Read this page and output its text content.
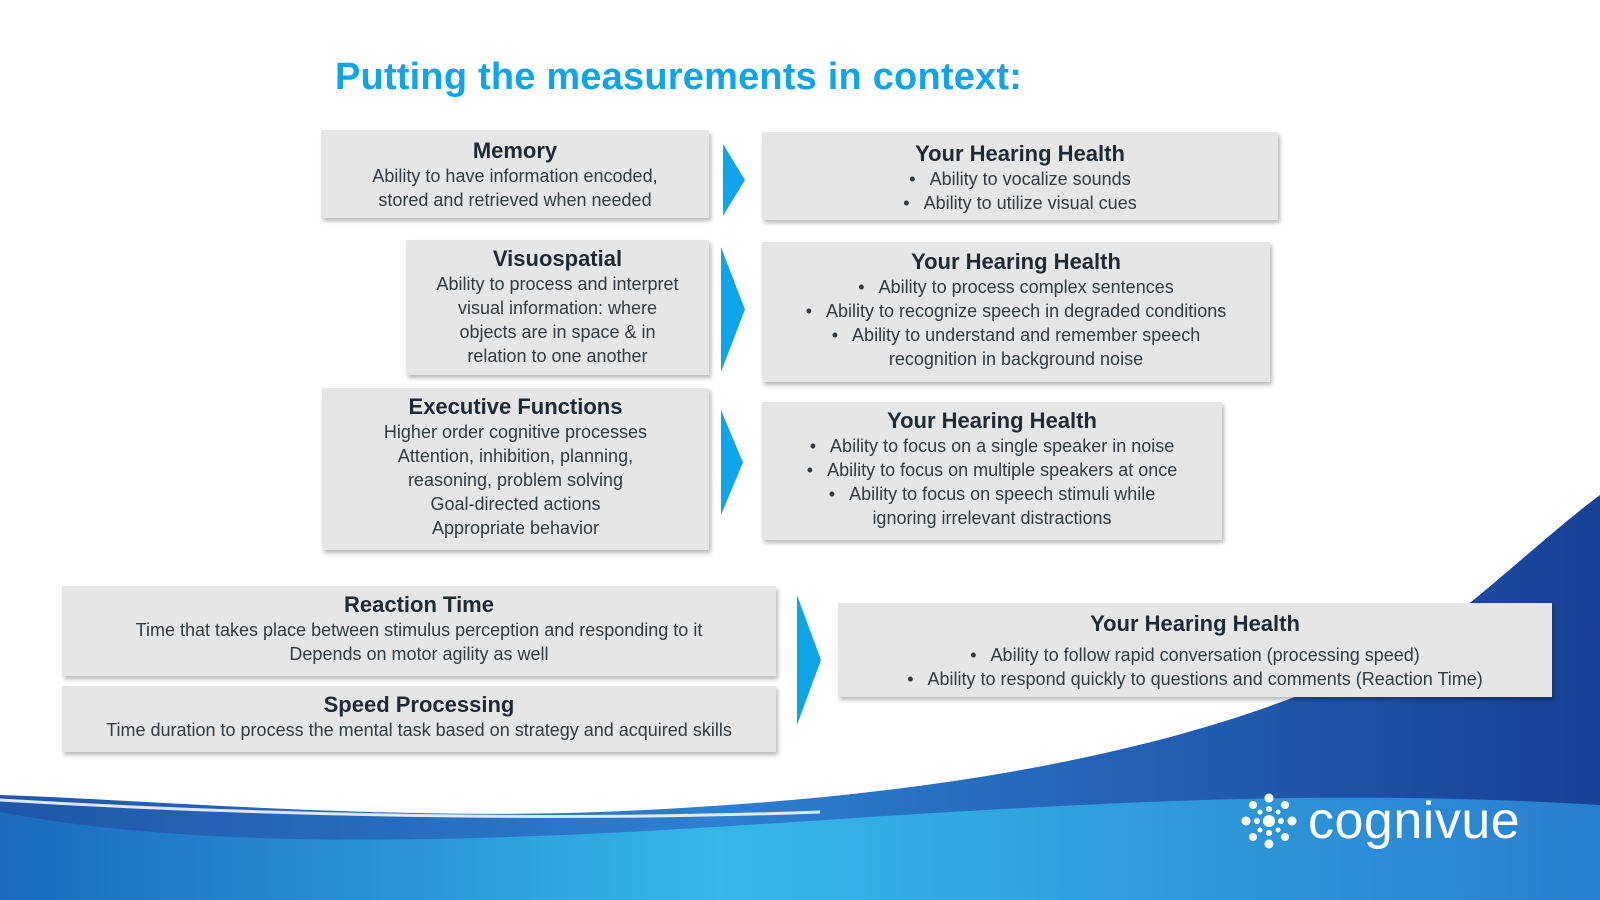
Putting the measurements in context:
Memory
Ability to have information encoded,
stored and retrieved when needed
Your Hearing Health
• Ability to vocalize sounds
• Ability to utilize visual cues
Visuospatial
Ability to process and interpret
visual information: where
objects are in space & in
relation to one another
Your Hearing Health
• Ability to process complex sentences
• Ability to recognize speech in degraded conditions
• Ability to understand and remember speech recognition in background noise
Executive Functions
Higher order cognitive processes
Attention, inhibition, planning,
reasoning, problem solving
Goal-directed actions
Appropriate behavior
Your Hearing Health
• Ability to focus on a single speaker in noise
• Ability to focus on multiple speakers at once
• Ability to focus on speech stimuli while ignoring irrelevant distractions
Reaction Time
Time that takes place between stimulus perception and responding to it
Depends on motor agility as well
Speed Processing
Time duration to process the mental task based on strategy and acquired skills
Your Hearing Health
• Ability to follow rapid conversation (processing speed)
• Ability to respond quickly to questions and comments (Reaction Time)
cognivue
